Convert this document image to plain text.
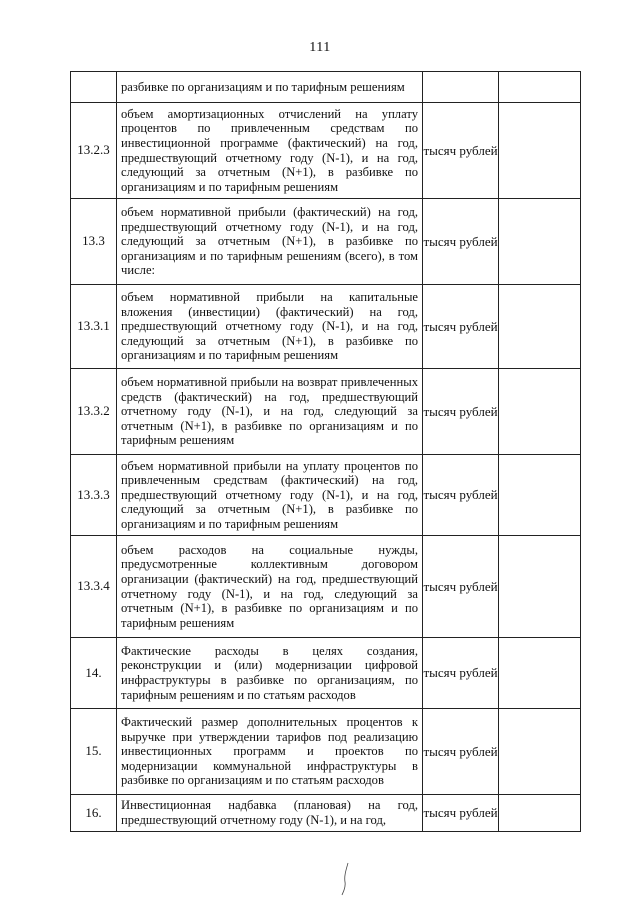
111
	разбивке по организациям и по тарифным решениям		
13.2.3	объем амортизационных отчислений на уплату процентов по привлеченным средствам по инвестиционной программе (фактический) на год, предшествующий отчетному году (N-1), и на год, следующий за отчетным (N+1), в разбивке по организациям и по тарифным решениям	тысяч рублей	
13.3	объем нормативной прибыли (фактический) на год, предшествующий отчетному году (N-1), и на год, следующий за отчетным (N+1), в разбивке по организациям и по тарифным решениям (всего), в том числе:	тысяч рублей	
13.3.1	объем нормативной прибыли на капитальные вложения (инвестиции) (фактический) на год, предшествующий отчетному году (N-1), и на год, следующий за отчетным (N+1), в разбивке по организациям и по тарифным решениям	тысяч рублей	
13.3.2	объем нормативной прибыли на возврат привлеченных средств (фактический) на год, предшествующий отчетному году (N-1), и на год, следующий за отчетным (N+1), в разбивке по организациям и по тарифным решениям	тысяч рублей	
13.3.3	объем нормативной прибыли на уплату процентов по привлеченным средствам (фактический) на год, предшествующий отчетному году (N-1), и на год, следующий за отчетным (N+1), в разбивке по организациям и по тарифным решениям	тысяч рублей	
13.3.4	объем расходов на социальные нужды, предусмотренные коллективным договором организации (фактический) на год, предшествующий отчетному году (N-1), и на год, следующий за отчетным (N+1), в разбивке по организациям и по тарифным решениям	тысяч рублей	
14.	Фактические расходы в целях создания, реконструкции и (или) модернизации цифровой инфраструктуры в разбивке по организациям, по тарифным решениям и по статьям расходов	тысяч рублей	
15.	Фактический размер дополнительных процентов к выручке при утверждении тарифов под реализацию инвестиционных программ и проектов по модернизации коммунальной инфраструктуры в разбивке по организациям и по статьям расходов	тысяч рублей	
16.	Инвестиционная надбавка (плановая) на год, предшествующий отчетному году (N-1), и на год,	тысяч рублей	
